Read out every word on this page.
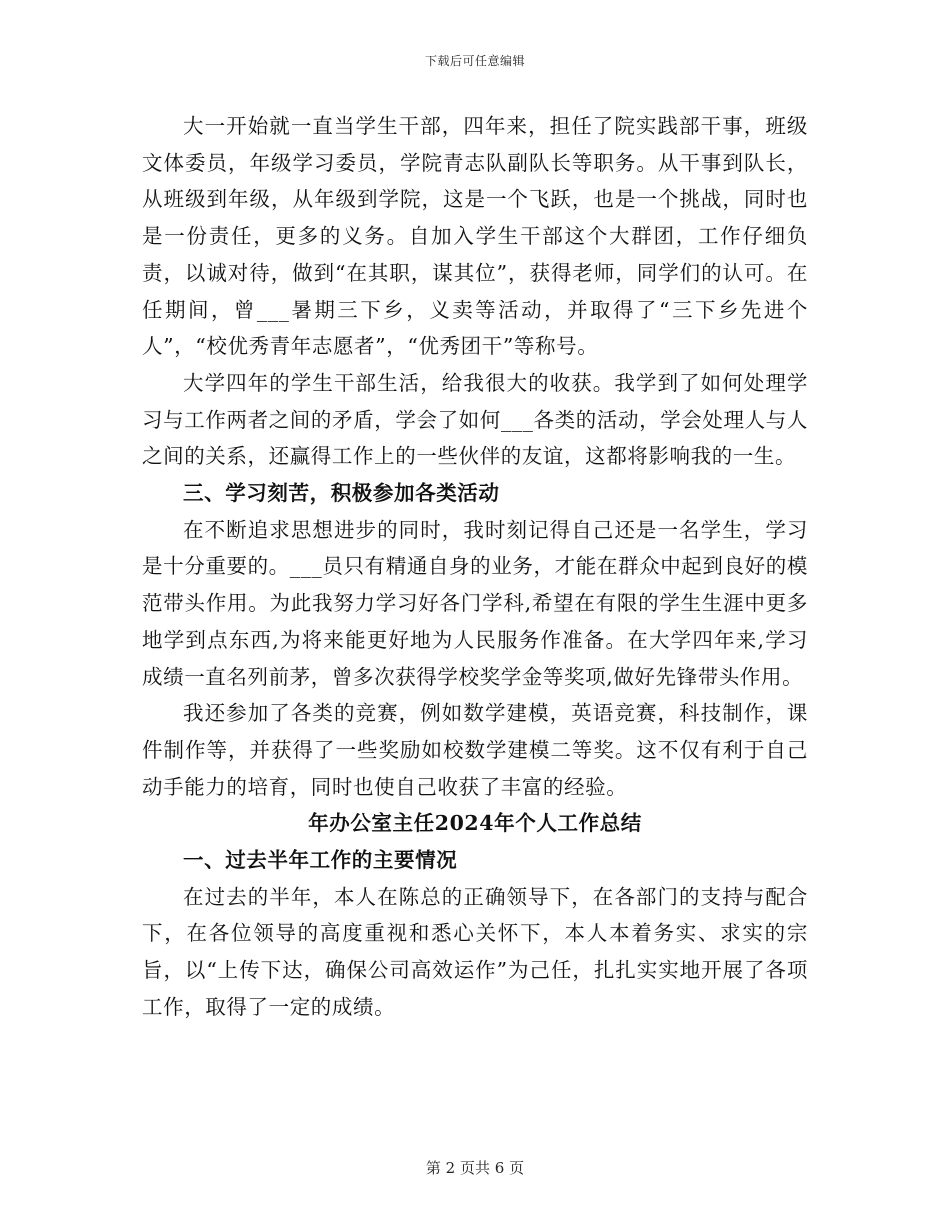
下载后可任意编辑

大一开始就一直当学生干部，四年来，担任了院实践部干事，班级文体委员，年级学习委员，学院青志队副队长等职务。从干事到队长，从班级到年级，从年级到学院，这是一个飞跃，也是一个挑战，同时也是一份责任，更多的义务。自加入学生干部这个大群团，工作仔细负责，以诚对待，做到“在其职，谋其位”，获得老师，同学们的认可。在任期间，曾___暑期三下乡，义卖等活动，并取得了“三下乡先进个人”，“校优秀青年志愿者”，“优秀团干”等称号。

大学四年的学生干部生活，给我很大的收获。我学到了如何处理学习与工作两者之间的矛盾，学会了如何___各类的活动，学会处理人与人之间的关系，还赢得工作上的一些伙伴的友谊，这都将影响我的一生。

三、学习刻苦，积极参加各类活动

在不断追求思想进步的同时，我时刻记得自己还是一名学生，学习是十分重要的。___员只有精通自身的业务，才能在群众中起到良好的模范带头作用。为此我努力学习好各门学科,希望在有限的学生生涯中更多地学到点东西,为将来能更好地为人民服务作准备。在大学四年来,学习成绩一直名列前茅，曾多次获得学校奖学金等奖项,做好先锋带头作用。

我还参加了各类的竞赛，例如数学建模，英语竞赛，科技制作，课件制作等，并获得了一些奖励如校数学建模二等奖。这不仅有利于自己动手能力的培育，同时也使自己收获了丰富的经验。

年办公室主任2024年个人工作总结

一、过去半年工作的主要情况

在过去的半年，本人在陈总的正确领导下，在各部门的支持与配合下，在各位领导的高度重视和悉心关怀下，本人本着务实、求实的宗旨，以“上传下达，确保公司高效运作”为己任，扎扎实实地开展了各项工作，取得了一定的成绩。

第 2 页共 6 页
